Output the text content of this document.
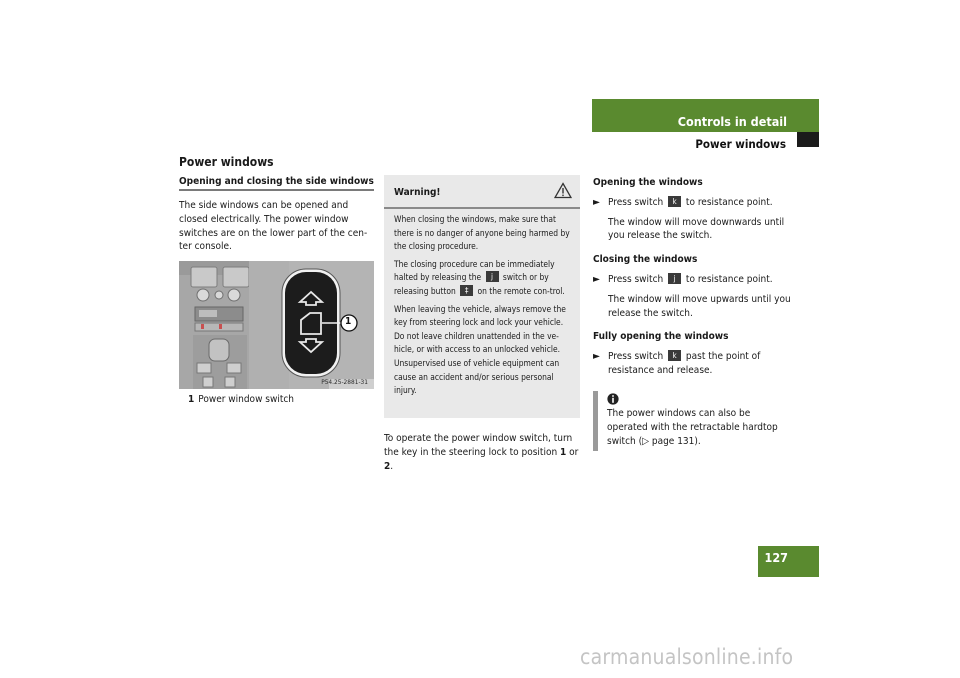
Controls in detail
Power windows
Power windows
Opening and closing the side windows
The side windows can be opened and closed electrically. The power window switches are on the lower part of the cen-ter console.
1
P54.25-2881-31
1 Power window switch
Warning!

When closing the windows, make sure that there is no danger of anyone being harmed by the closing procedure.

The closing procedure can be immediately halted by releasing the j switch or by releasing button ‡ on the remote con-trol.

When leaving the vehicle, always remove the key from steering lock and lock your vehicle. Do not leave children unattended in the ve-hicle, or with access to an unlocked vehicle. Unsupervised use of vehicle equipment can cause an accident and/or serious personal injury.

To operate the power window switch, turn the key in the steering lock to position 1 or 2.
Opening the windows
► Press switch k to resistance point.
The window will move downwards until you release the switch.
Closing the windows
► Press switch j to resistance point.
The window will move upwards until you release the switch.
Fully opening the windows
► Press switch k past the point of resistance and release.
The power windows can also be operated with the retractable hardtop switch (▷ page 131).
127
carmanualsonline.info
